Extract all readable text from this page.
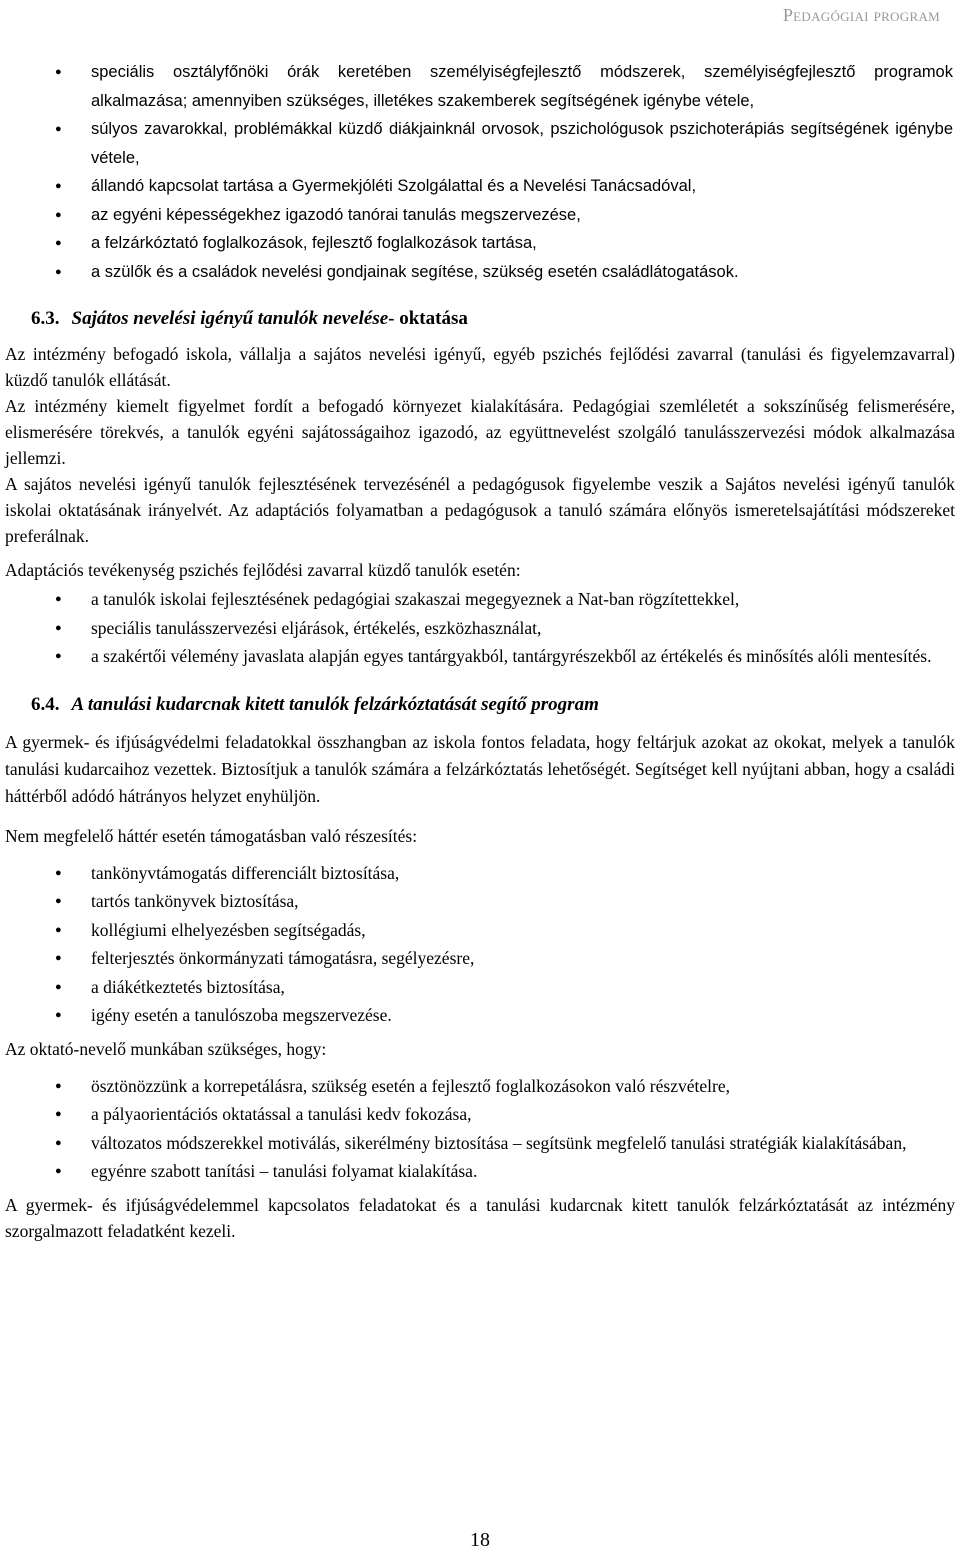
Pedagógiai program
● speciális osztályfőnöki órák keretében személyiségfejlesztő módszerek, személyiségfejlesztő programok alkalmazása; amennyiben szükséges, illetékes szakemberek segítségének igénybe vétele,
● súlyos zavarokkal, problémákkal küzdő diákjainknál orvosok, pszichológusok pszichoterápiás segítségének igénybe vétele,
● állandó kapcsolat tartása a Gyermekjóléti Szolgálattal és a Nevelési Tanácsadóval,
● az egyéni képességekhez igazodó tanórai tanulás megszervezése,
● a felzárkóztató foglalkozások, fejlesztő foglalkozások tartása,
● a szülők és a családok nevelési gondjainak segítése, szükség esetén családlátogatások.
6.3. Sajátos nevelési igényű tanulók nevelése- oktatása

Az intézmény befogadó iskola, vállalja a sajátos nevelési igényű, egyéb pszichés fejlődési zavarral (tanulási és figyelemzavarral) küzdő tanulók ellátását.

Az intézmény kiemelt figyelmet fordít a befogadó környezet kialakítására. Pedagógiai szemléletét a sokszínűség felismerésére, elismerésére törekvés, a tanulók egyéni sajátosságaihoz igazodó, az együttnevelést szolgáló tanulásszervezési módok alkalmazása jellemzi.

A sajátos nevelési igényű tanulók fejlesztésének tervezésénél a pedagógusok figyelembe veszik a Sajátos nevelési igényű tanulók iskolai oktatásának irányelvét. Az adaptációs folyamatban a pedagógusok a tanuló számára előnyös ismeretelsajátítási módszereket preferálnak.

Adaptációs tevékenység pszichés fejlődési zavarral küzdő tanulók esetén:

● a tanulók iskolai fejlesztésének pedagógiai szakaszai megegyeznek a Nat-ban rögzítettekkel,
● speciális tanulásszervezési eljárások, értékelés, eszközhasználat,
● a szakértői vélemény javaslata alapján egyes tantárgyakból, tantárgyrészekből az értékelés és minősítés alóli mentesítés.
6.4. A tanulási kudarcnak kitett tanulók felzárkóztatását segítő program

A gyermek- és ifjúságvédelmi feladatokkal összhangban az iskola fontos feladata, hogy feltárjuk azokat az okokat, melyek a tanulók tanulási kudarcaihoz vezettek. Biztosítjuk a tanulók számára a felzárkóztatás lehetőségét. Segítséget kell nyújtani abban, hogy a családi háttérből adódó hátrányos helyzet enyhüljön.

Nem megfelelő háttér esetén támogatásban való részesítés:

● tankönyvtámogatás differenciált biztosítása,
● tartós tankönyvek biztosítása,
● kollégiumi elhelyezésben segítségadás,
● felterjesztés önkormányzati támogatásra, segélyezésre,
● a diákétkeztetés biztosítása,
● igény esetén a tanulószoba megszervezése.

Az oktató-nevelő munkában szükséges, hogy:

● ösztönözzünk a korrepetálásra, szükség esetén a fejlesztő foglalkozásokon való részvételre,
● a pályaorientációs oktatással a tanulási kedv fokozása,
● változatos módszerekkel motiválás, sikerélmény biztosítása – segítsünk megfelelő tanulási stratégiák kialakításában,
● egyénre szabott tanítási – tanulási folyamat kialakítása.

A gyermek- és ifjúságvédelemmel kapcsolatos feladatokat és a tanulási kudarcnak kitett tanulók felzárkóztatását az intézmény szorgalmazott feladatként kezeli.

18
